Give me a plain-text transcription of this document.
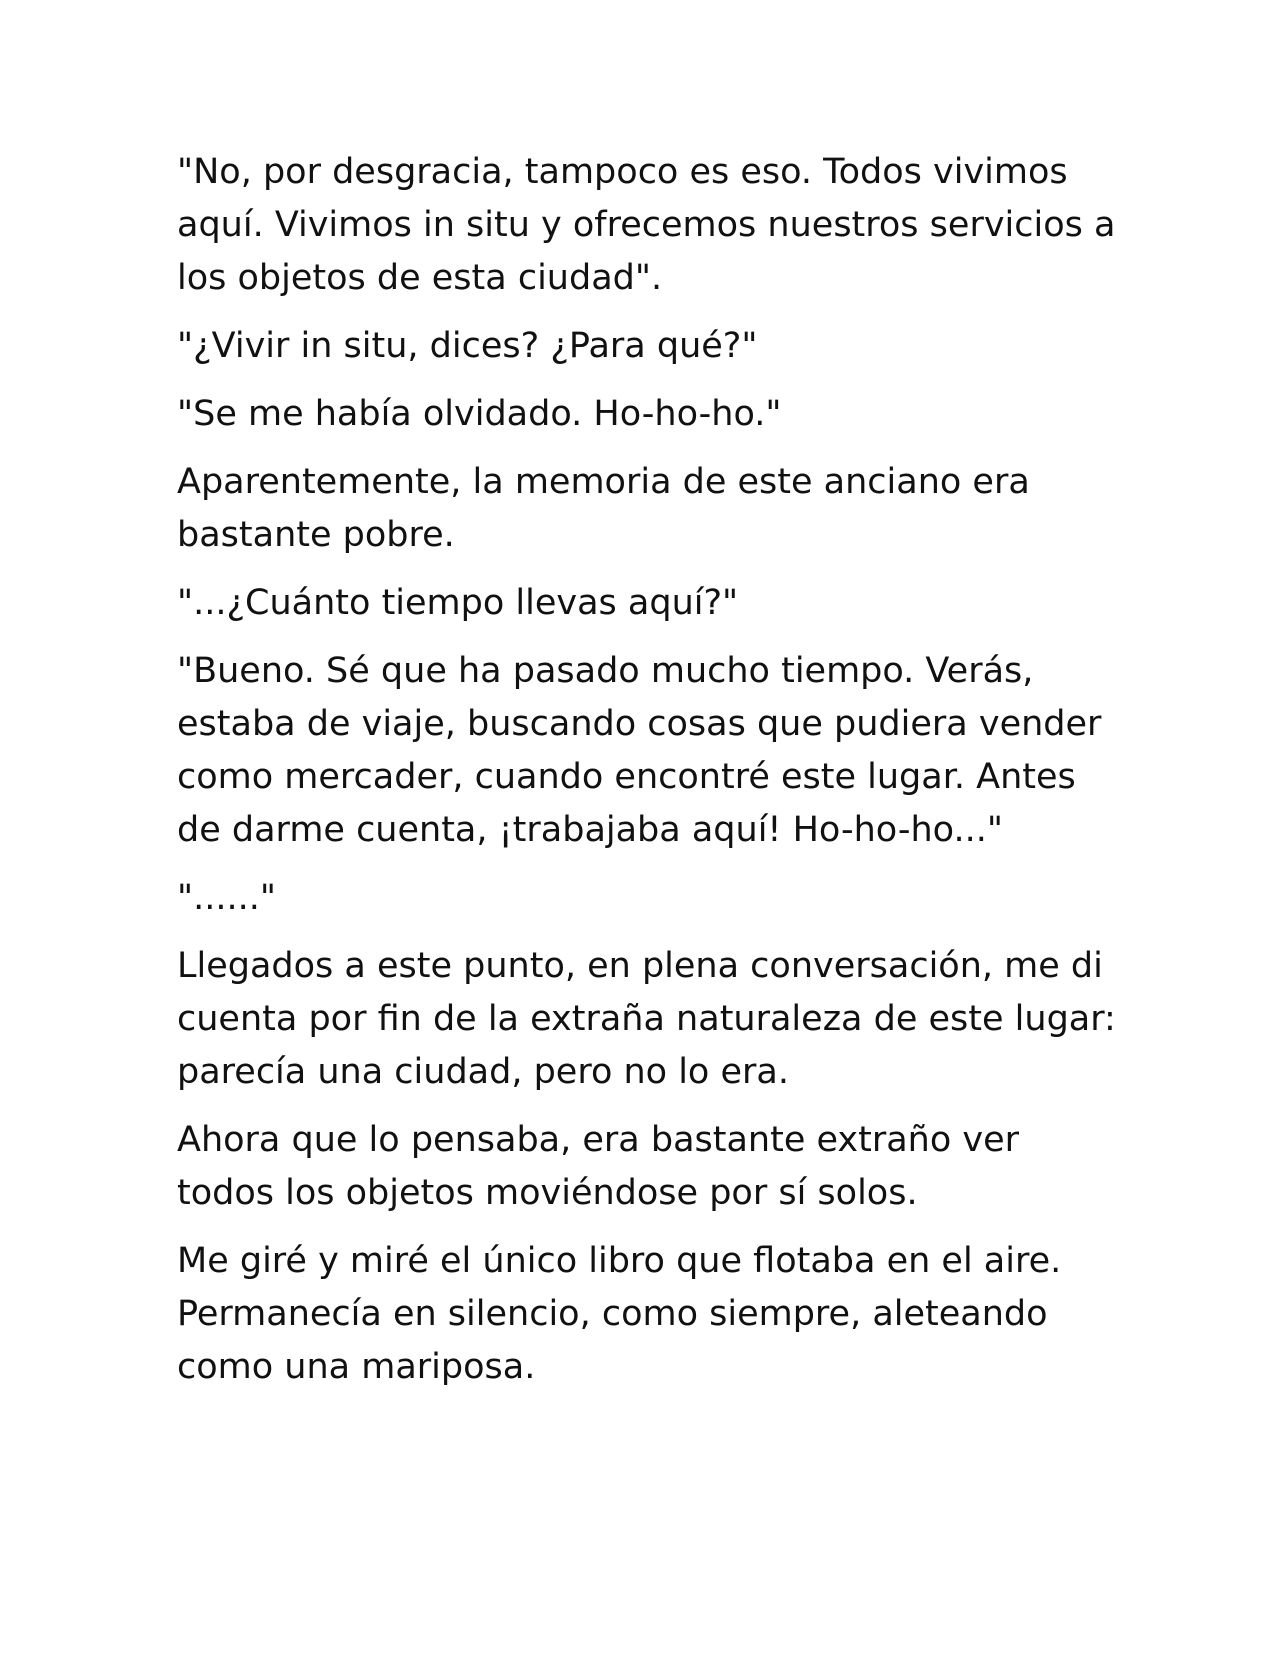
"No, por desgracia, tampoco es eso. Todos vivimos aquí. Vivimos in situ y ofrecemos nuestros servicios a los objetos de esta ciudad".

"¿Vivir in situ, dices? ¿Para qué?"

"Se me había olvidado. Ho-ho-ho."

Aparentemente, la memoria de este anciano era bastante pobre.

"...¿Cuánto tiempo llevas aquí?"

"Bueno. Sé que ha pasado mucho tiempo. Verás, estaba de viaje, buscando cosas que pudiera vender como mercader, cuando encontré este lugar. Antes de darme cuenta, ¡trabajaba aquí! Ho-ho-ho..."

"......"

Llegados a este punto, en plena conversación, me di cuenta por fin de la extraña naturaleza de este lugar: parecía una ciudad, pero no lo era.

Ahora que lo pensaba, era bastante extraño ver todos los objetos moviéndose por sí solos.

Me giré y miré el único libro que flotaba en el aire. Permanecía en silencio, como siempre, aleteando como una mariposa.
